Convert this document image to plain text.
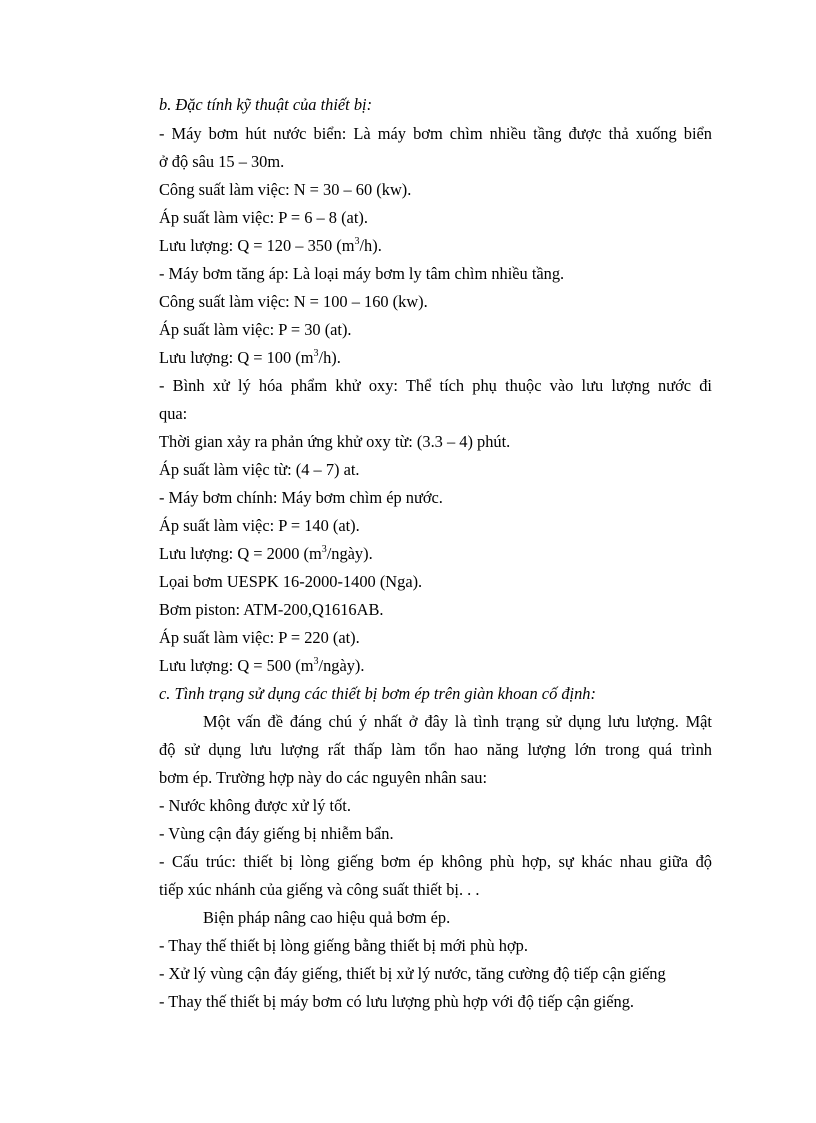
b. Đặc tính kỹ thuật của thiết bị:
- Máy bơm hút nước biển: Là máy bơm chìm nhiều tầng được thả xuống biển
ở độ sâu 15 – 30m.
Công suất làm việc: N = 30 – 60 (kw).
Áp suất làm việc: P = 6 – 8 (at).
Lưu lượng: Q = 120 – 350 $(m^3/h)$.
- Máy bơm tăng áp: Là loại máy bơm ly tâm chìm nhiều tầng.
Công suất làm việc: N = 100 – 160 (kw).
Áp suất làm việc: P = 30 (at).
Lưu lượng: Q = 100 $(m^3/h)$.
- Bình xử lý hóa phẩm khử oxy: Thể tích phụ thuộc vào lưu lượng nước đi
qua:
Thời gian xảy ra phản ứng khử oxy từ: (3.3 – 4) phút.
Áp suất làm việc từ: (4 – 7) at.
- Máy bơm chính: Máy bơm chìm ép nước.
Áp suất làm việc: P = 140 (at).
Lưu lượng: Q = 2000 $(m^3/ngày)$.
Lọai bơm UESPK 16-2000-1400 (Nga).
Bơm piston: ATM-200,Q1616AB.
Áp suất làm việc: P = 220 (at).
Lưu lượng: Q = 500 $(m^3/ngày)$.
c. Tình trạng sử dụng các thiết bị bơm ép trên giàn khoan cố định:
Một vấn đề đáng chú ý nhất ở đây là tình trạng sử dụng lưu lượng. Mật
độ sử dụng lưu lượng rất thấp làm tổn hao năng lượng lớn trong quá trình
bơm ép. Trường hợp này do các nguyên nhân sau:
- Nước không được xử lý tốt.
- Vùng cận đáy giếng bị nhiễm bẩn.
- Cấu trúc: thiết bị lòng giếng bơm ép không phù hợp, sự khác nhau giữa độ
tiếp xúc nhánh của giếng và công suất thiết bị. . .
Biện pháp nâng cao hiệu quả bơm ép.
- Thay thế thiết bị lòng giếng bằng thiết bị mới phù hợp.
- Xử lý vùng cận đáy giếng, thiết bị xử lý nước, tăng cường độ tiếp cận giếng
- Thay thế thiết bị máy bơm có lưu lượng phù hợp với độ tiếp cận giếng.
